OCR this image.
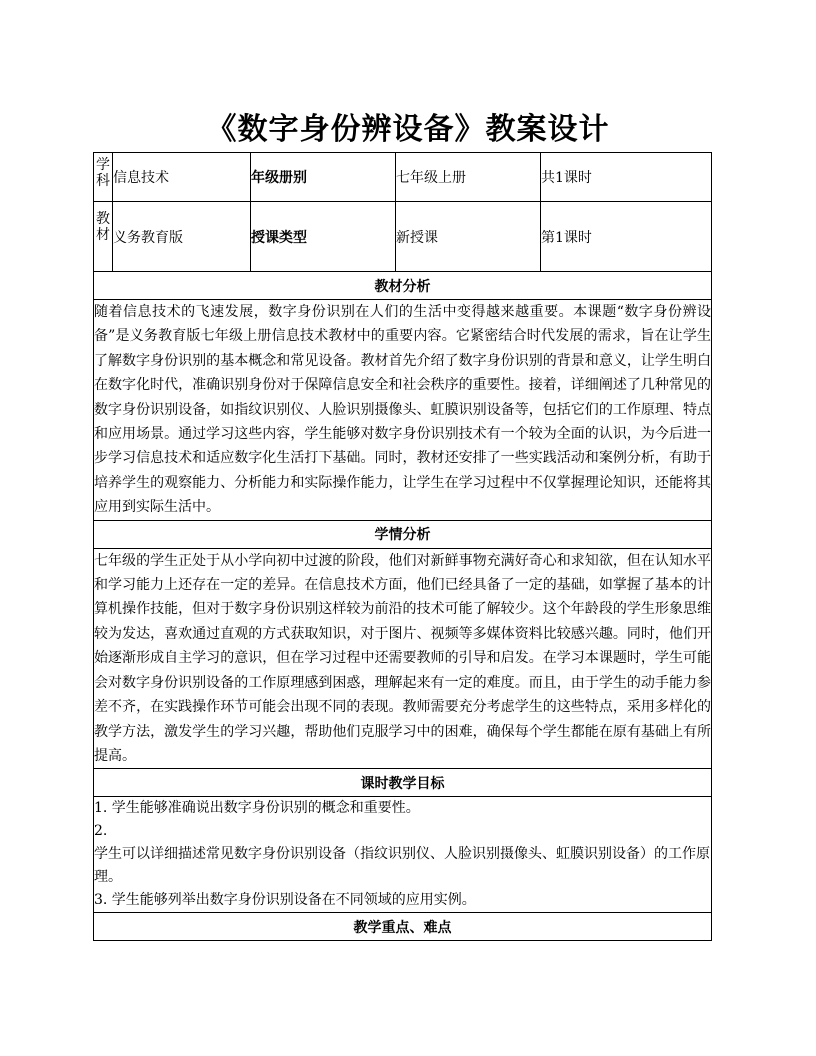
《数字身份辨设备》教案设计
学科	信息技术	年级册别	七年级上册	共1课时

教材	义务教育版	授课类型	新授课	第1课时
教材分析				
随着信息技术的飞速发展，数字身份识别在人们的生活中变得越来越重要。本课题“数字身份辨设备”是义务教育版七年级上册信息技术教材中的重要内容。它紧密结合时代发展的需求，旨在让学生了解数字身份识别的基本概念和常见设备。教材首先介绍了数字身份识别的背景和意义，让学生明白在数字化时代，准确识别身份对于保障信息安全和社会秩序的重要性。接着，详细阐述了几种常见的数字身份识别设备，如指纹识别仪、人脸识别摄像头、虹膜识别设备等，包括它们的工作原理、特点和应用场景。通过学习这些内容，学生能够对数字身份识别技术有一个较为全面的认识，为今后进一步学习信息技术和适应数字化生活打下基础。同时，教材还安排了一些实践活动和案例分析，有助于培养学生的观察能力、分析能力和实际操作能力，让学生在学习过程中不仅掌握理论知识，还能将其应用到实际生活中。				
学情分析				
七年级的学生正处于从小学向初中过渡的阶段，他们对新鲜事物充满好奇心和求知欲，但在认知水平和学习能力上还存在一定的差异。在信息技术方面，他们已经具备了一定的基础，如掌握了基本的计算机操作技能，但对于数字身份识别这样较为前沿的技术可能了解较少。这个年龄段的学生形象思维较为发达，喜欢通过直观的方式获取知识，对于图片、视频等多媒体资料比较感兴趣。同时，他们开始逐渐形成自主学习的意识，但在学习过程中还需要教师的引导和启发。在学习本课题时，学生可能会对数字身份识别设备的工作原理感到困惑，理解起来有一定的难度。而且，由于学生的动手能力参差不齐，在实践操作环节可能会出现不同的表现。教师需要充分考虑学生的这些特点，采用多样化的教学方法，激发学生的学习兴趣，帮助他们克服学习中的困难，确保每个学生都能在原有基础上有所提高。				
课时教学目标				

1. 学生能够准确说出数字身份识别的概念和重要性。
2.
学生可以详细描述常见数字身份识别设备（指纹识别仪、人脸识别摄像头、虹膜识别设备）的工作原理。
3. 学生能够列举出数字身份识别设备在不同领域的应用实例。				

教学重点、难点				
